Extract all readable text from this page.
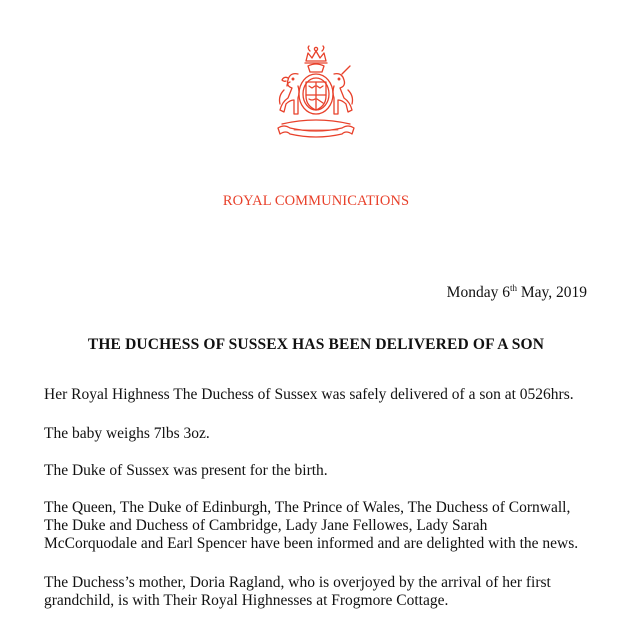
ROYAL COMMUNICATIONS
Monday 6th May, 2019
THE DUCHESS OF SUSSEX HAS BEEN DELIVERED OF A SON

Her Royal Highness The Duchess of Sussex was safely delivered of a son at 0526hrs.

The baby weighs 7lbs 3oz.

The Duke of Sussex was present for the birth.

The Queen, The Duke of Edinburgh, The Prince of Wales, The Duchess of Cornwall,
The Duke and Duchess of Cambridge, Lady Jane Fellowes, Lady Sarah
McCorquodale and Earl Spencer have been informed and are delighted with the news.

The Duchess’s mother, Doria Ragland, who is overjoyed by the arrival of her first
grandchild, is with Their Royal Highnesses at Frogmore Cottage.
